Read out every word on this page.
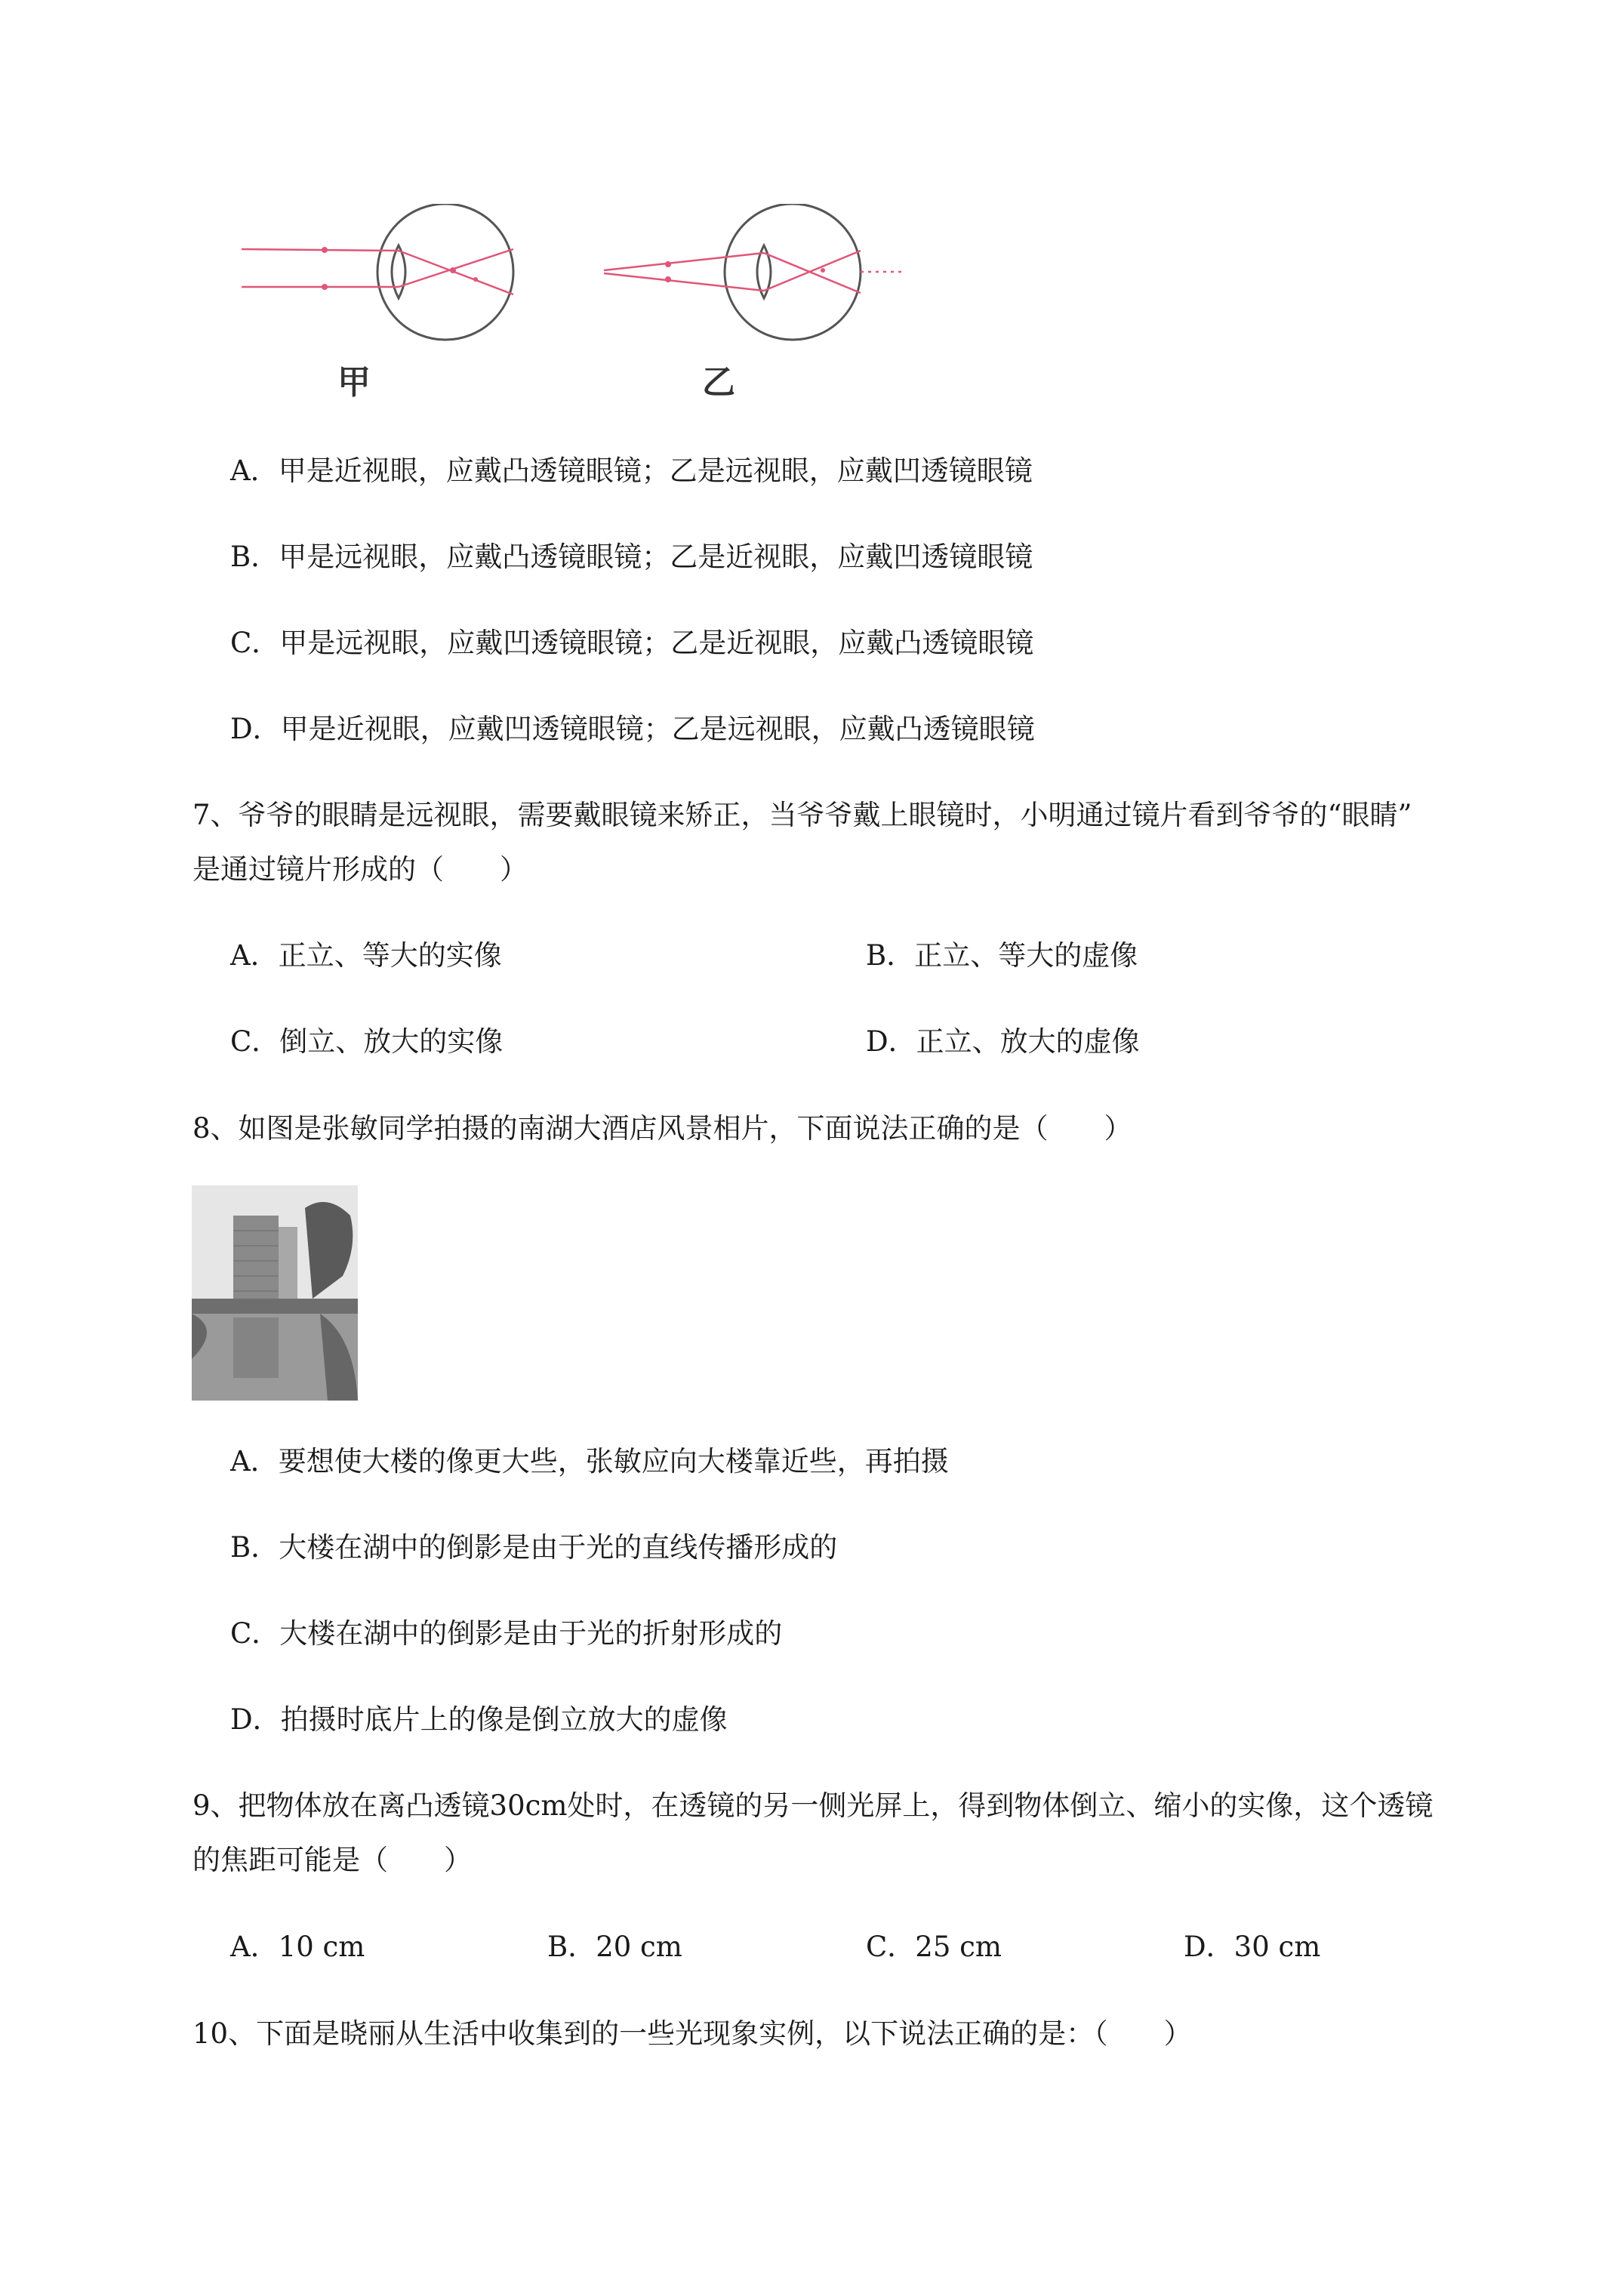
甲	乙
A．甲是近视眼，应戴凸透镜眼镜；乙是远视眼，应戴凹透镜眼镜
B．甲是远视眼，应戴凸透镜眼镜；乙是近视眼，应戴凹透镜眼镜
C．甲是远视眼，应戴凹透镜眼镜；乙是近视眼，应戴凸透镜眼镜
D．甲是近视眼，应戴凹透镜眼镜；乙是远视眼，应戴凸透镜眼镜
7、爷爷的眼睛是远视眼，需要戴眼镜来矫正，当爷爷戴上眼镜时，小明通过镜片看到爷爷的“眼睛”
是通过镜片形成的（　　）
A．正立、等大的实像	B．正立、等大的虚像
C．倒立、放大的实像	D．正立、放大的虚像
8、如图是张敏同学拍摄的南湖大酒店风景相片，下面说法正确的是（　　）
A．要想使大楼的像更大些，张敏应向大楼靠近些，再拍摄
B．大楼在湖中的倒影是由于光的直线传播形成的
C．大楼在湖中的倒影是由于光的折射形成的
D．拍摄时底片上的像是倒立放大的虚像
9、把物体放在离凸透镜30cm处时，在透镜的另一侧光屏上，得到物体倒立、缩小的实像，这个透镜
的焦距可能是（　　）
A．10 cm	B．20 cm	C．25 cm	D．30 cm
10、下面是晓丽从生活中收集到的一些光现象实例，以下说法正确的是：（　　）
